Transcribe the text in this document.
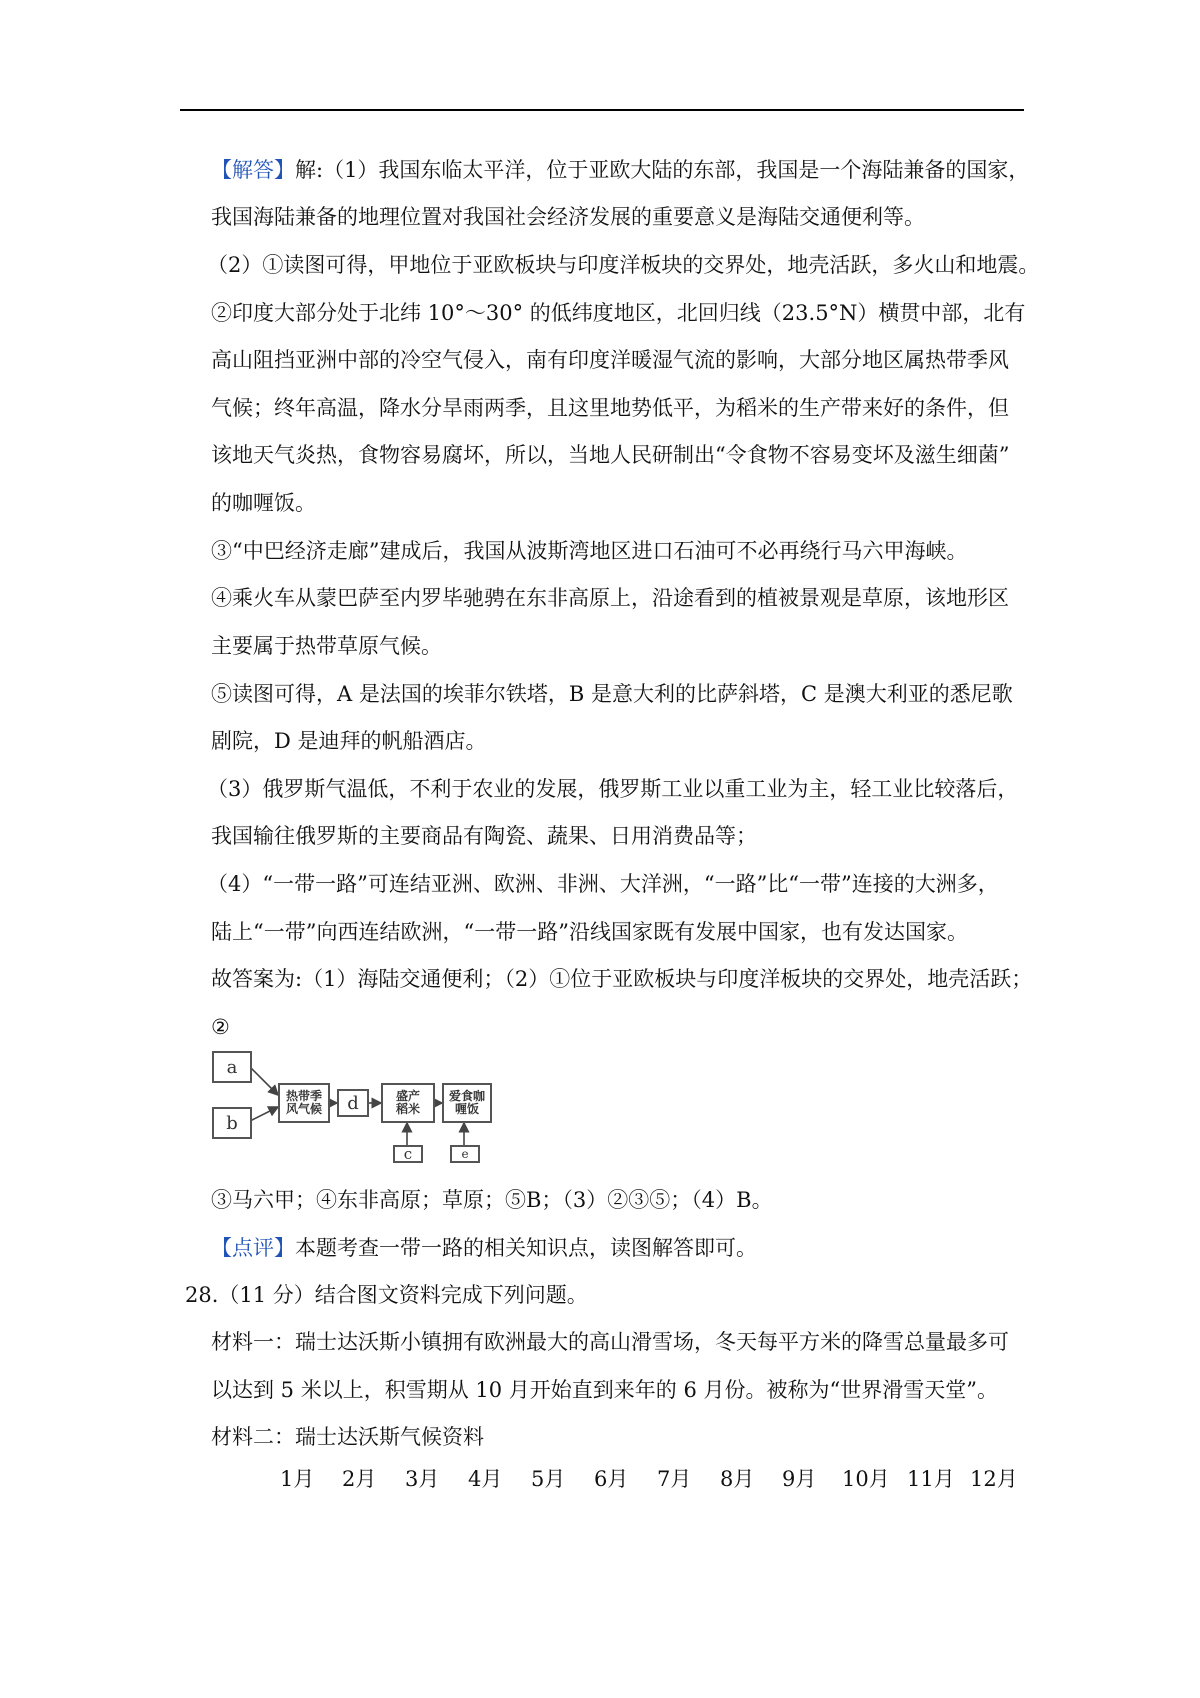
【解答】解:（1）我国东临太平洋，位于亚欧大陆的东部，我国是一个海陆兼备的国家，
我国海陆兼备的地理位置对我国社会经济发展的重要意义是海陆交通便利等。
（2）①读图可得，甲地位于亚欧板块与印度洋板块的交界处，地壳活跃，多火山和地震。
②印度大部分处于北纬 10°～30° 的低纬度地区，北回归线（23.5°N）横贯中部，北有
高山阻挡亚洲中部的冷空气侵入，南有印度洋暖湿气流的影响，大部分地区属热带季风
气候；终年高温，降水分旱雨两季，且这里地势低平，为稻米的生产带来好的条件，但
该地天气炎热，食物容易腐坏，所以，当地人民研制出“令食物不容易变坏及滋生细菌”
的咖喱饭。
③“中巴经济走廊”建成后，我国从波斯湾地区进口石油可不必再绕行马六甲海峡。
④乘火车从蒙巴萨至内罗毕驰骋在东非高原上，沿途看到的植被景观是草原，该地形区
主要属于热带草原气候。
⑤读图可得，A 是法国的埃菲尔铁塔，B 是意大利的比萨斜塔，C 是澳大利亚的悉尼歌
剧院，D 是迪拜的帆船酒店。
（3）俄罗斯气温低，不利于农业的发展，俄罗斯工业以重工业为主，轻工业比较落后，
我国输往俄罗斯的主要商品有陶瓷、蔬果、日用消费品等；
（4）“一带一路”可连结亚洲、欧洲、非洲、大洋洲，“一路”比“一带”连接的大洲多，
陆上“一带”向西连结欧洲，“一带一路”沿线国家既有发展中国家，也有发达国家。
故答案为:（1）海陆交通便利；（2）①位于亚欧板块与印度洋板块的交界处，地壳活跃；
②
a
b
热带季风气候	d	盛产稻米
爱食咖喱饭
c	e
③马六甲；④东非高原；草原；⑤B；（3）②③⑤；（4）B。
【点评】本题考查一带一路的相关知识点，读图解答即可。
28.（11 分）结合图文资料完成下列问题。
材料一：瑞士达沃斯小镇拥有欧洲最大的高山滑雪场，冬天每平方米的降雪总量最多可
以达到 5 米以上，积雪期从 10 月开始直到来年的 6 月份。被称为“世界滑雪天堂”。
材料二：瑞士达沃斯气候资料
1月 2月 3月 4月 5月 6月 7月 8月 9月 10月 11月 12月
